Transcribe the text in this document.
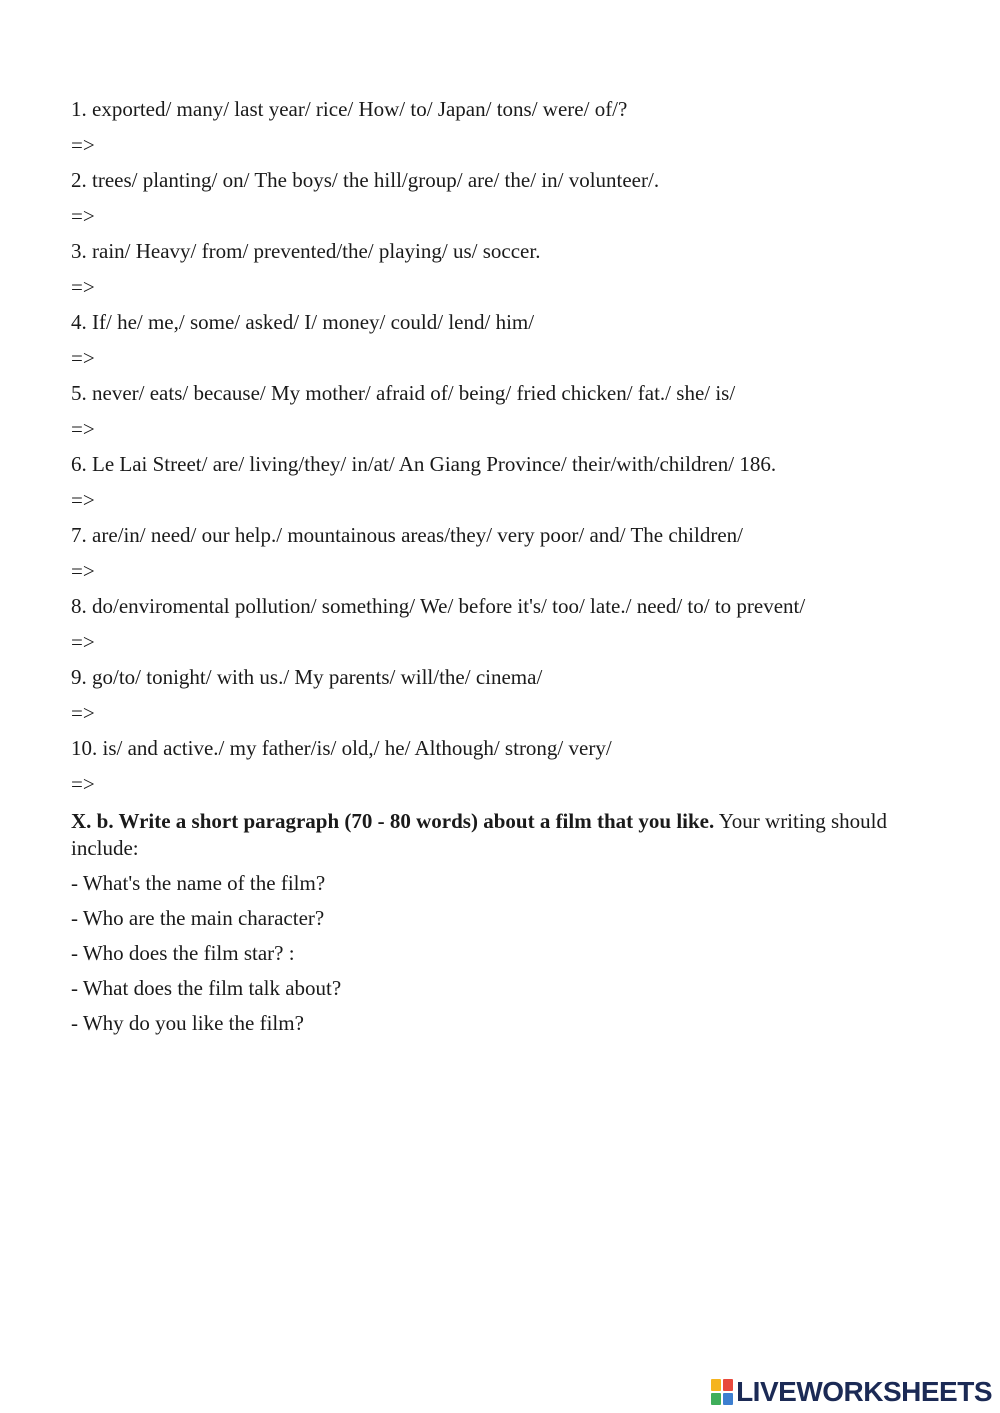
1. exported/ many/ last year/ rice/ How/ to/ Japan/ tons/ were/ of/?
=>
2. trees/ planting/ on/ The boys/ the hill/group/ are/ the/ in/ volunteer/.
=>
3. rain/ Heavy/ from/ prevented/the/ playing/ us/ soccer.
=>
4. If/ he/ me,/ some/ asked/ I/ money/ could/ lend/ him/
=>
5. never/ eats/ because/ My mother/ afraid of/ being/ fried chicken/ fat./ she/ is/
=>
6. Le Lai Street/ are/ living/they/ in/at/ An Giang Province/ their/with/children/ 186.
=>
7. are/in/ need/ our help./ mountainous areas/they/ very poor/ and/ The children/
=>
8. do/enviromental pollution/ something/ We/ before it's/ too/ late./ need/ to/ to prevent/
=>
9. go/to/ tonight/ with us./ My parents/ will/the/ cinema/
=>
10. is/ and active./ my father/is/ old,/ he/ Although/ strong/ very/
=>
X. b. Write a short paragraph (70 - 80 words) about a film that you like. Your writing should include:
- What's the name of the film?
- Who are the main character?
- Who does the film star? :
- What does the film talk about?
- Why do you like the film?
LIVEWORKSHEETS
